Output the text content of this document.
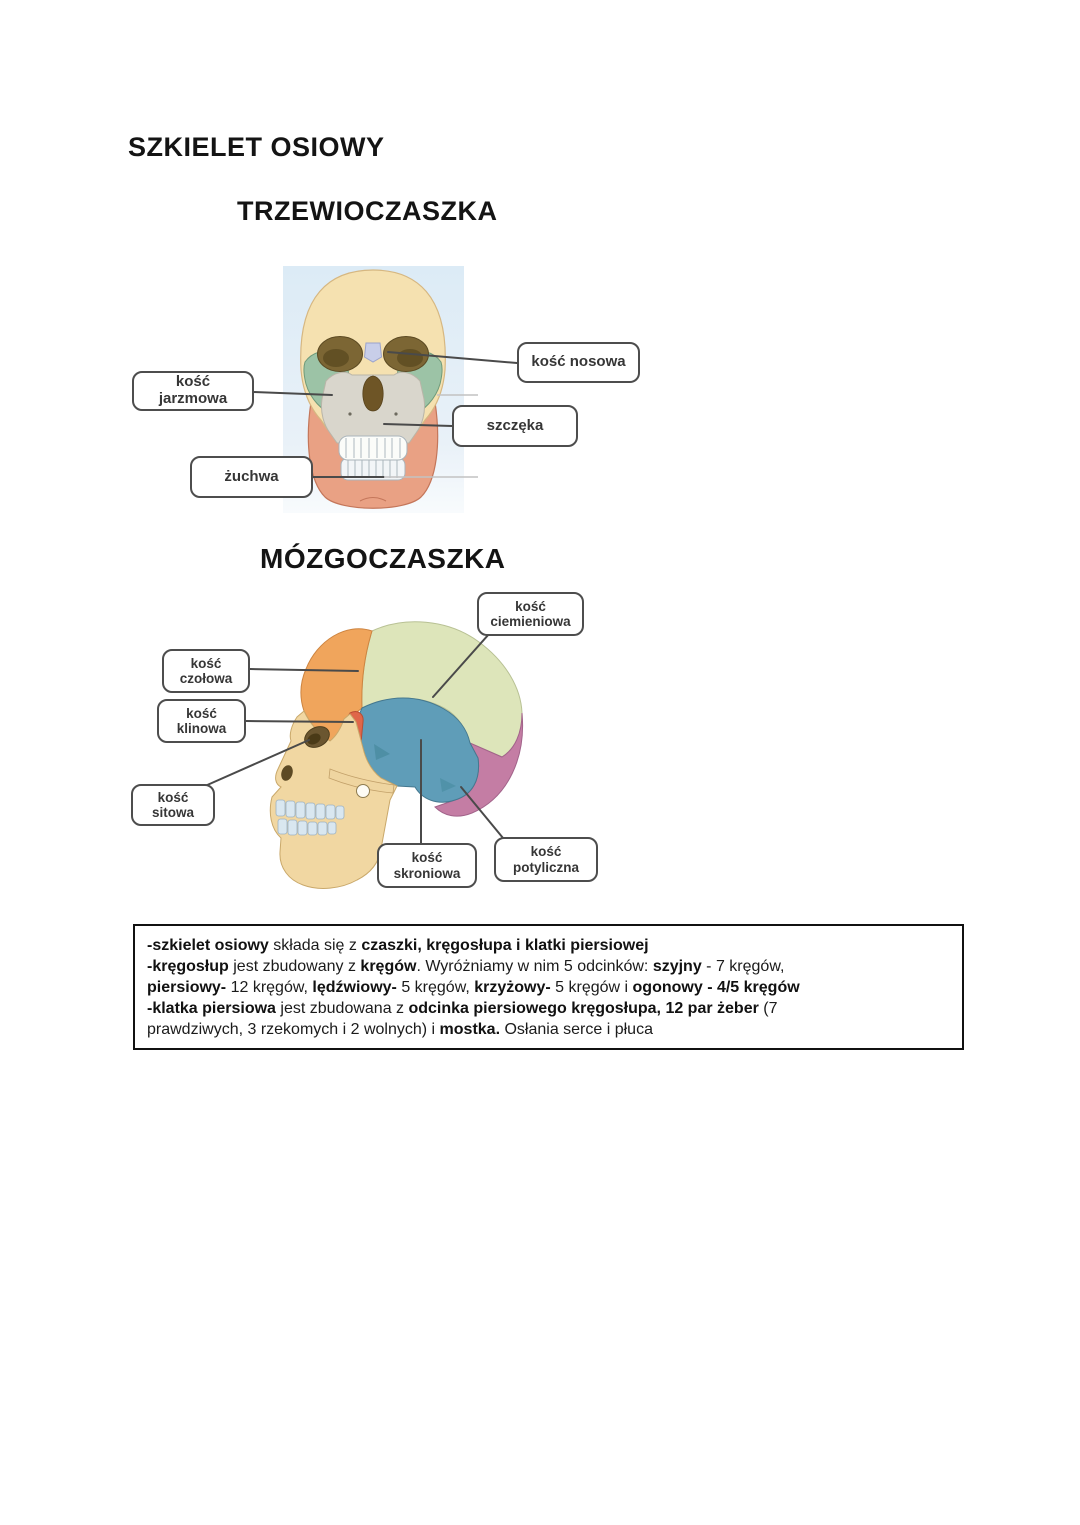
SZKIELET OSIOWY
TRZEWIOCZASZKA
kość jarzmowa
żuchwa
kość nosowa
szczęka
MÓZGOCZASZKA
kość czołowa
kość klinowa
kość sitowa
kość ciemieniowa
kość skroniowa
kość potyliczna
-szkielet osiowy składa się z czaszki, kręgosłupa i klatki piersiowej
-kręgosłup jest zbudowany z kręgów. Wyróżniamy w nim 5 odcinków: szyjny - 7 kręgów,
piersiowy- 12 kręgów, lędźwiowy- 5 kręgów, krzyżowy- 5 kręgów i ogonowy - 4/5 kręgów
-klatka piersiowa jest zbudowana z odcinka piersiowego kręgosłupa, 12 par żeber (7
prawdziwych, 3 rzekomych i 2 wolnych) i mostka. Osłania serce i płuca
